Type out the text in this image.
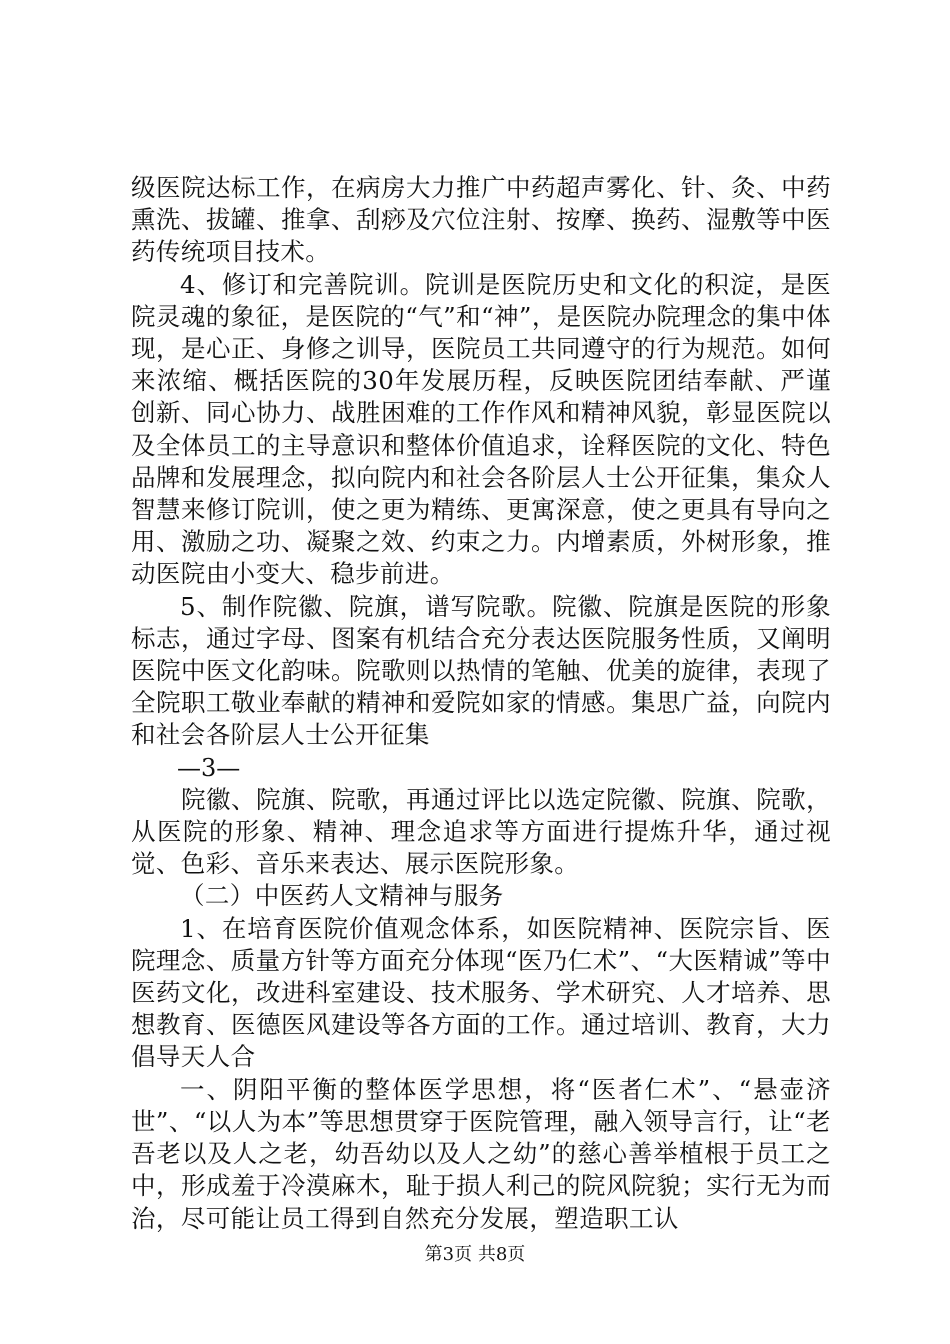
级医院达标工作，在病房大力推广中药超声雾化、针、灸、中药熏洗、拔罐、推拿、刮痧及穴位注射、按摩、换药、湿敷等中医药传统项目技术。

4、修订和完善院训。院训是医院历史和文化的积淀，是医院灵魂的象征，是医院的“气”和“神”，是医院办院理念的集中体现，是心正、身修之训导，医院员工共同遵守的行为规范。如何来浓缩、概括医院的30年发展历程，反映医院团结奉献、严谨创新、同心协力、战胜困难的工作作风和精神风貌，彰显医院以及全体员工的主导意识和整体价值追求，诠释医院的文化、特色品牌和发展理念，拟向院内和社会各阶层人士公开征集，集众人智慧来修订院训，使之更为精练、更寓深意，使之更具有导向之用、激励之功、凝聚之效、约束之力。内增素质，外树形象，推动医院由小变大、稳步前进。

5、制作院徽、院旗，谱写院歌。院徽、院旗是医院的形象标志，通过字母、图案有机结合充分表达医院服务性质，又阐明医院中医文化韵味。院歌则以热情的笔触、优美的旋律，表现了全院职工敬业奉献的精神和爱院如家的情感。集思广益，向院内和社会各阶层人士公开征集

—3—

院徽、院旗、院歌，再通过评比以选定院徽、院旗、院歌，从医院的形象、精神、理念追求等方面进行提炼升华，通过视觉、色彩、音乐来表达、展示医院形象。

（二）中医药人文精神与服务

1、在培育医院价值观念体系，如医院精神、医院宗旨、医院理念、质量方针等方面充分体现“医乃仁术”、“大医精诚”等中医药文化，改进科室建设、技术服务、学术研究、人才培养、思想教育、医德医风建设等各方面的工作。通过培训、教育，大力倡导天人合

一、阴阳平衡的整体医学思想，将“医者仁术”、“悬壶济世”、“以人为本”等思想贯穿于医院管理，融入领导言行，让“老吾老以及人之老，幼吾幼以及人之幼”的慈心善举植根于员工之中，形成羞于冷漠麻木，耻于损人利己的院风院貌；实行无为而治，尽可能让员工得到自然充分发展，塑造职工认

第3页 共8页
